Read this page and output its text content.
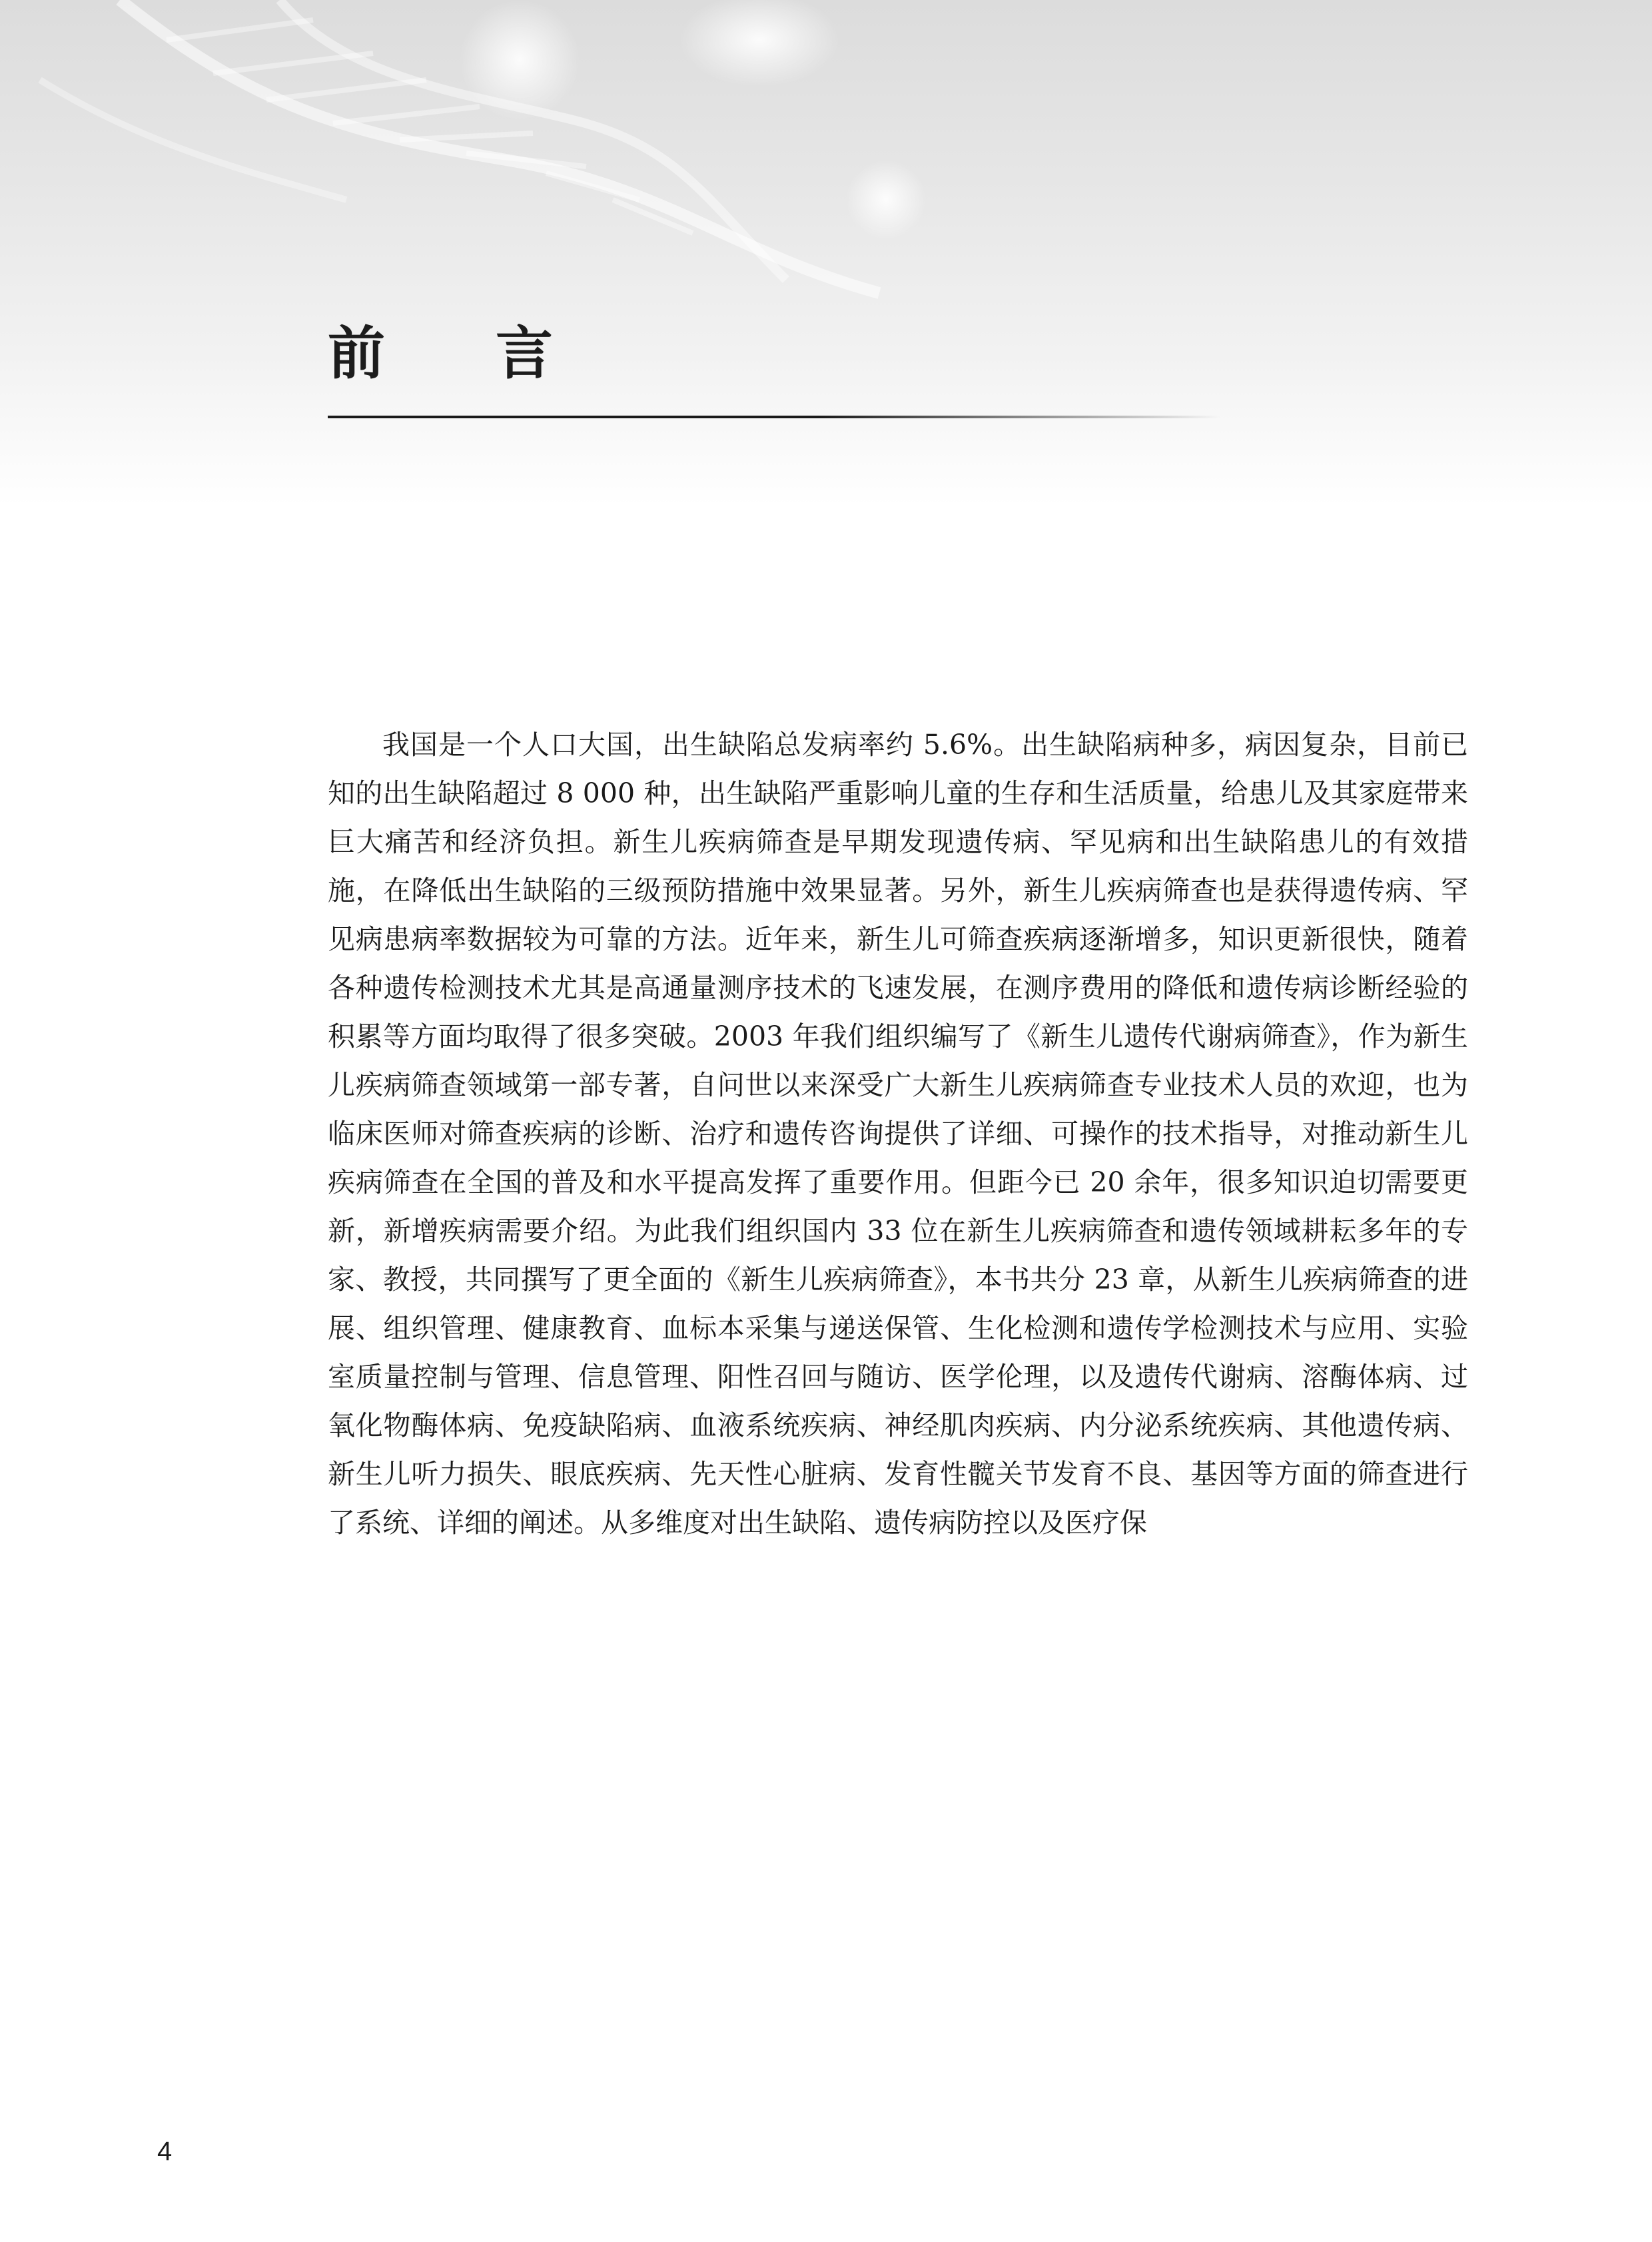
前 言

我国是一个人口大国，出生缺陷总发病率约 5.6%。出生缺陷病种多，病因复杂，目前已知的出生缺陷超过 8 000 种，出生缺陷严重影响儿童的生存和生活质量，给患儿及其家庭带来巨大痛苦和经济负担。新生儿疾病筛查是早期发现遗传病、罕见病和出生缺陷患儿的有效措施，在降低出生缺陷的三级预防措施中效果显著。另外，新生儿疾病筛查也是获得遗传病、罕见病患病率数据较为可靠的方法。近年来，新生儿可筛查疾病逐渐增多，知识更新很快，随着各种遗传检测技术尤其是高通量测序技术的飞速发展，在测序费用的降低和遗传病诊断经验的积累等方面均取得了很多突破。2003 年我们组织编写了《新生儿遗传代谢病筛查》，作为新生儿疾病筛查领域第一部专著，自问世以来深受广大新生儿疾病筛查专业技术人员的欢迎，也为临床医师对筛查疾病的诊断、治疗和遗传咨询提供了详细、可操作的技术指导，对推动新生儿疾病筛查在全国的普及和水平提高发挥了重要作用。但距今已 20 余年，很多知识迫切需要更新，新增疾病需要介绍。为此我们组织国内 33 位在新生儿疾病筛查和遗传领域耕耘多年的专家、教授，共同撰写了更全面的《新生儿疾病筛查》，本书共分 23 章，从新生儿疾病筛查的进展、组织管理、健康教育、血标本采集与递送保管、生化检测和遗传学检测技术与应用、实验室质量控制与管理、信息管理、阳性召回与随访、医学伦理，以及遗传代谢病、溶酶体病、过氧化物酶体病、免疫缺陷病、血液系统疾病、神经肌肉疾病、内分泌系统疾病、其他遗传病、新生儿听力损失、眼底疾病、先天性心脏病、发育性髋关节发育不良、基因等方面的筛查进行了系统、详细的阐述。从多维度对出生缺陷、遗传病防控以及医疗保

4
